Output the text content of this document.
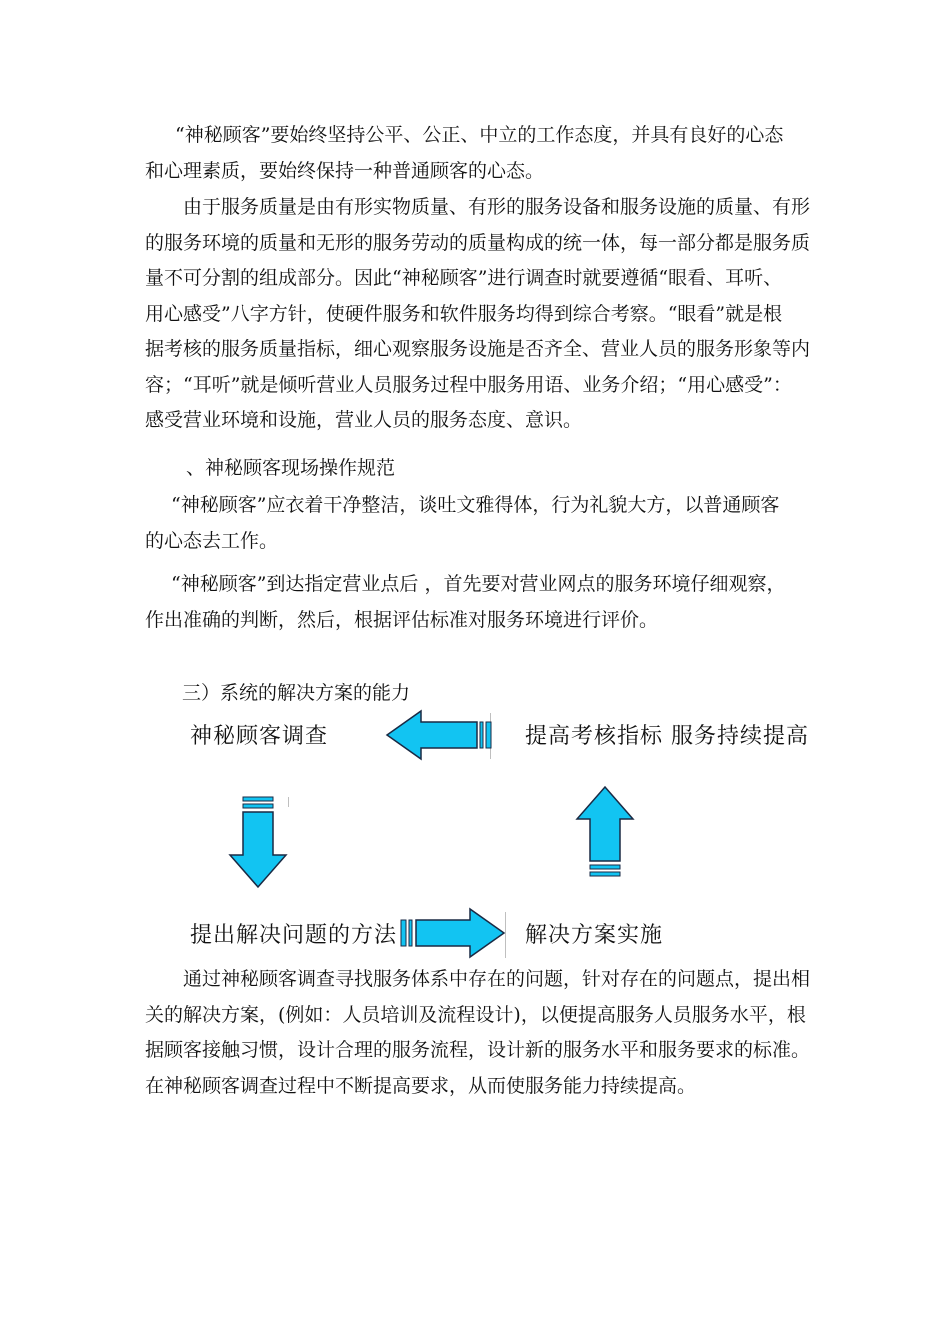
“神秘顾客”要始终坚持公平、公正、中立的工作态度，并具有良好的心态
和心理素质，要始终保持一种普通顾客的心态。
由于服务质量是由有形实物质量、有形的服务设备和服务设施的质量、有形
的服务环境的质量和无形的服务劳动的质量构成的统一体，每一部分都是服务质
量不可分割的组成部分。因此“神秘顾客”进行调查时就要遵循“眼看、耳听、
用心感受”八字方针，使硬件服务和软件服务均得到综合考察。“眼看”就是根
据考核的服务质量指标，细心观察服务设施是否齐全、营业人员的服务形象等内
容；“耳听”就是倾听营业人员服务过程中服务用语、业务介绍；“用心感受”：
感受营业环境和设施，营业人员的服务态度、意识。
、神秘顾客现场操作规范
“神秘顾客”应衣着干净整洁，谈吐文雅得体，行为礼貌大方，以普通顾客
的心态去工作。
“神秘顾客”到达指定营业点后 ，首先要对营业网点的服务环境仔细观察，
作出准确的判断，然后，根据评估标准对服务环境进行评价。
三）系统的解决方案的能力
神秘顾客调查	提高考核指标 服务持续提高
提出解决问题的方法	解决方案实施
通过神秘顾客调查寻找服务体系中存在的问题，针对存在的问题点，提出相
关的解决方案，(例如：人员培训及流程设计)，以便提高服务人员服务水平，根
据顾客接触习惯，设计合理的服务流程，设计新的服务水平和服务要求的标准。
在神秘顾客调查过程中不断提高要求，从而使服务能力持续提高。
